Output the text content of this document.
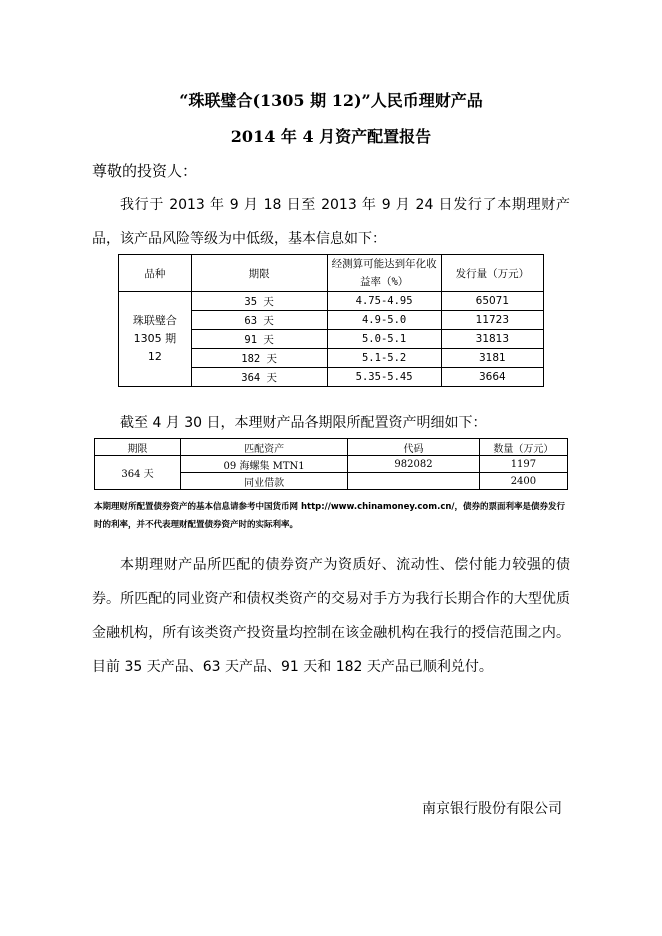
“珠联璧合(1305 期 12)”人民币理财产品
2014 年 4 月资产配置报告
尊敬的投资人：
我行于 2013 年 9 月 18 日至 2013 年 9 月 24 日发行了本期理财产品，该产品风险等级为中低级，基本信息如下：
品种	期限	经测算可能达到年化收益率（%）	发行量（万元）
珠联璧合 1305 期 12	35 天	4.75-4.95	65071
	63 天	4.9-5.0	11723
	91 天	5.0-5.1	31813
	182 天	5.1-5.2	3181
	364 天	5.35-5.45	3664
截至 4 月 30 日，本理财产品各期限所配置资产明细如下：
期限	匹配资产	代码	数量（万元）
364 天	09 海螺集 MTN1	982082	1197
	同业借款		2400
本期理财所配置债券资产的基本信息请参考中国货币网 http://www.chinamoney.com.cn/，债券的票面利率是债券发行时的利率，并不代表理财配置债券资产时的实际利率。
本期理财产品所匹配的债券资产为资质好、流动性、偿付能力较强的债券。所匹配的同业资产和债权类资产的交易对手方为我行长期合作的大型优质金融机构，所有该类资产投资量均控制在该金融机构在我行的授信范围之内。目前 35 天产品、63 天产品、91 天和 182 天产品已顺利兑付。
南京银行股份有限公司
